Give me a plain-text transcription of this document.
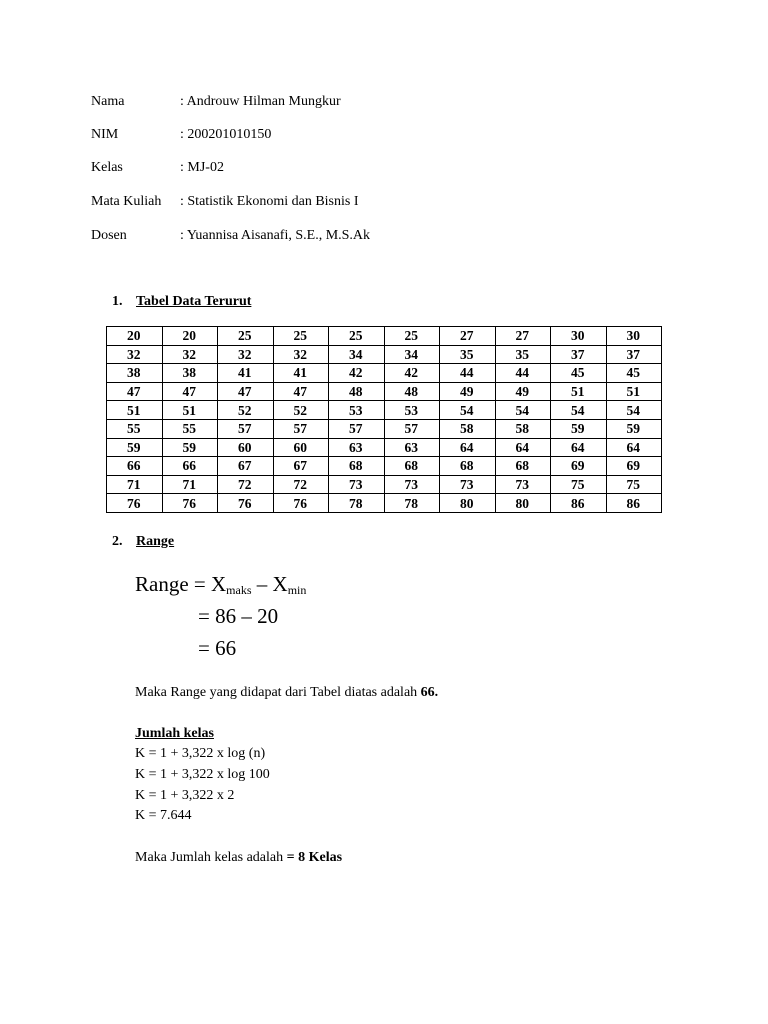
Nama	: Androuw Hilman Mungkur
NIM	: 200201010150
Kelas	: MJ-02
Mata Kuliah : Statistik Ekonomi dan Bisnis I
Dosen	: Yuannisa Aisanafi, S.E., M.S.Ak
1. Tabel Data Terurut
20	20	25	25	25	25	27	27	30	30
32	32	32	32	34	34	35	35	37	37
38	38	41	41	42	42	44	44	45	45
47	47	47	47	48	48	49	49	51	51
51	51	52	52	53	53	54	54	54	54
55	55	57	57	57	57	58	58	59	59
59	59	60	60	63	63	64	64	64	64
66	66	67	67	68	68	68	68	69	69
71	71	72	72	73	73	73	73	75	75
76	76	76	76	78	78	80	80	86	86
2. Range
Range = $X_{maks} - X_{min}$
= 86 – 20
= 66
Maka Range yang didapat dari Tabel diatas adalah 66.
Jumlah kelas
K = 1 + 3,322 x log (n)
K = 1 + 3,322 x log 100
K = 1 + 3,322 x 2
K = 7.644
Maka Jumlah kelas adalah = 8 Kelas
